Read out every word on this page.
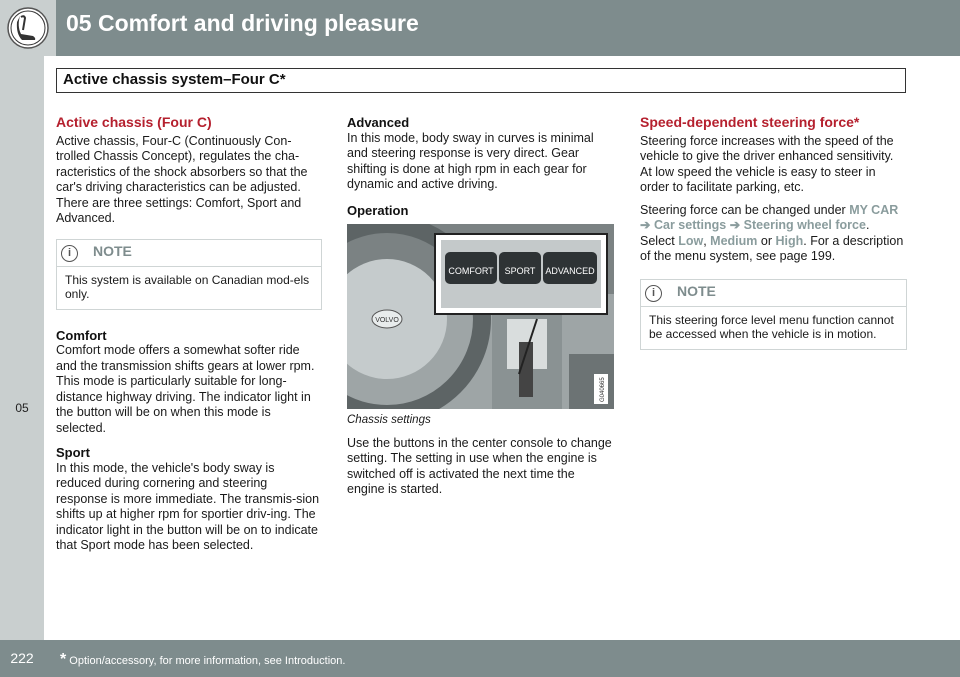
05 Comfort and driving pleasure
Active chassis system–Four C*
05
Active chassis (Four C)

Active chassis, Four-C (Continuously Con-trolled Chassis Concept), regulates the cha-racteristics of the shock absorbers so that the car's driving characteristics can be adjusted. There are three settings: Comfort, Sport and Advanced.

i	NOTE
This system is available on Canadian mod-els only.
Comfort

Comfort mode offers a somewhat softer ride and the transmission shifts gears at lower rpm. This mode is particularly suitable for long-distance highway driving. The indicator light in the button will be on when this mode is selected.

Sport

In this mode, the vehicle's body sway is reduced during cornering and steering response is more immediate. The transmis-sion shifts up at higher rpm for sportier driv-ing. The indicator light in the button will be on to indicate that Sport mode has been selected.

Advanced

In this mode, body sway in curves is minimal and steering response is very direct. Gear shifting is done at high rpm in each gear for dynamic and active driving.

Operation
VOLVO
COMFORT SPORT ADVANCED
G040665

Chassis settings

Use the buttons in the center console to change setting. The setting in use when the engine is switched off is activated the next time the engine is started.

Speed-dependent steering force*

Steering force increases with the speed of the vehicle to give the driver enhanced sensitivity. At low speed the vehicle is easy to steer in order to facilitate parking, etc.

Steering force can be changed under MY CAR ➔ Car settings ➔ Steering wheel force. Select Low, Medium or High. For a description of the menu system, see page 199.

i	NOTE
This steering force level menu function cannot be accessed when the vehicle is in motion.
222	* Option/accessory, for more information, see Introduction.
